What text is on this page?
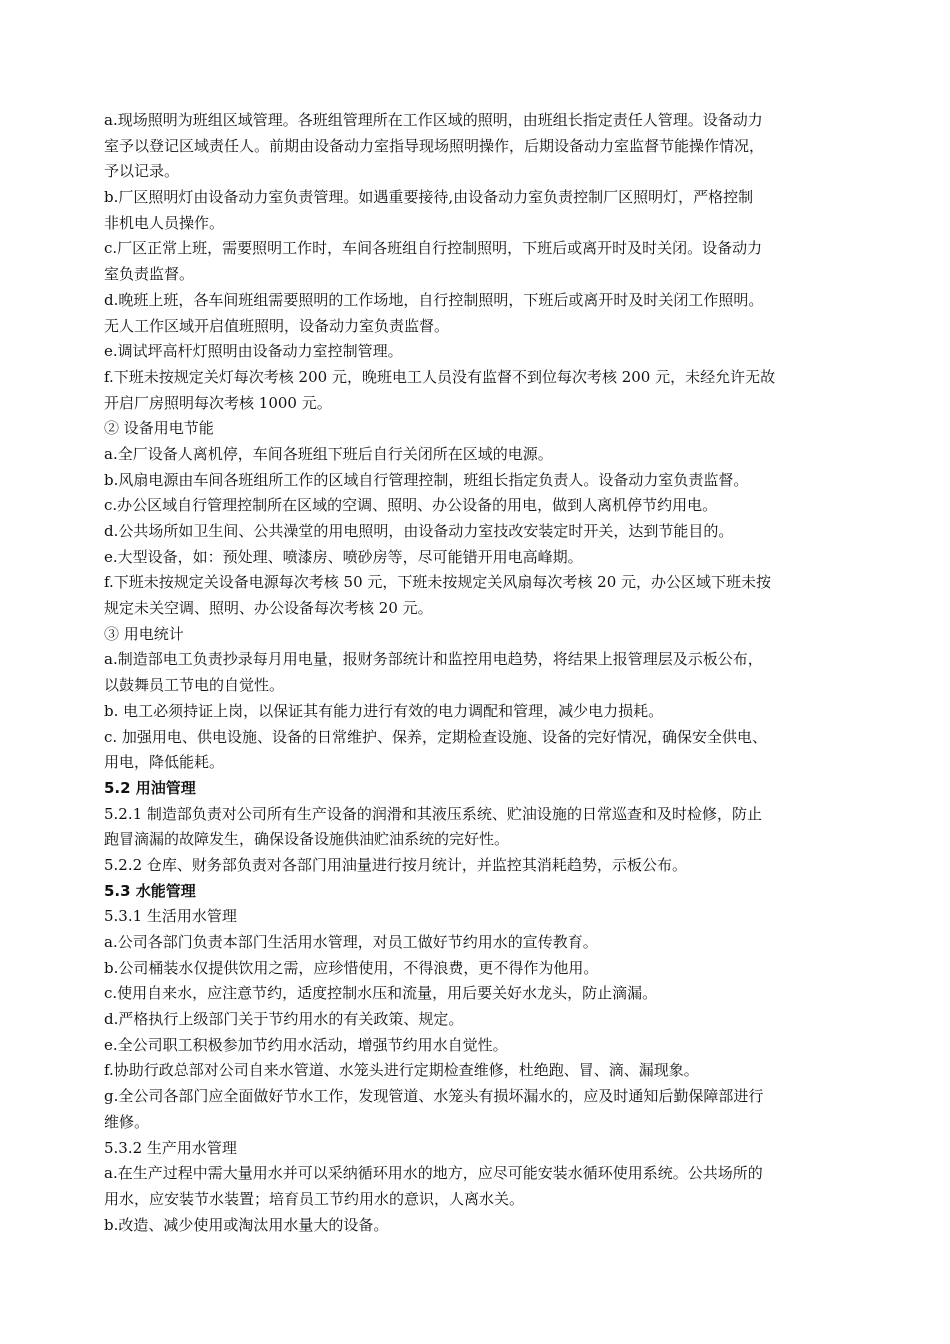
a.现场照明为班组区域管理。各班组管理所在工作区域的照明，由班组长指定责任人管理。设备动力
室予以登记区域责任人。前期由设备动力室指导现场照明操作，后期设备动力室监督节能操作情况，
予以记录。
b.厂区照明灯由设备动力室负责管理。如遇重要接待,由设备动力室负责控制厂区照明灯，严格控制
非机电人员操作。
c.厂区正常上班，需要照明工作时，车间各班组自行控制照明，下班后或离开时及时关闭。设备动力
室负责监督。
d.晚班上班，各车间班组需要照明的工作场地，自行控制照明，下班后或离开时及时关闭工作照明。
无人工作区域开启值班照明，设备动力室负责监督。
e.调试坪高杆灯照明由设备动力室控制管理。
f.下班未按规定关灯每次考核 200 元，晚班电工人员没有监督不到位每次考核 200 元，未经允许无故
开启厂房照明每次考核 1000 元。
② 设备用电节能
a.全厂设备人离机停，车间各班组下班后自行关闭所在区域的电源。
b.风扇电源由车间各班组所工作的区域自行管理控制，班组长指定负责人。设备动力室负责监督。
c.办公区域自行管理控制所在区域的空调、照明、办公设备的用电，做到人离机停节约用电。
d.公共场所如卫生间、公共澡堂的用电照明，由设备动力室技改安装定时开关，达到节能目的。
e.大型设备，如：预处理、喷漆房、喷砂房等，尽可能错开用电高峰期。
f.下班未按规定关设备电源每次考核 50 元，下班未按规定关风扇每次考核 20 元，办公区域下班未按
规定未关空调、照明、办公设备每次考核 20 元。
③ 用电统计
a.制造部电工负责抄录每月用电量，报财务部统计和监控用电趋势，将结果上报管理层及示板公布，
以鼓舞员工节电的自觉性。
b. 电工必须持证上岗，以保证其有能力进行有效的电力调配和管理，减少电力损耗。
c. 加强用电、供电设施、设备的日常维护、保养，定期检查设施、设备的完好情况，确保安全供电、
用电，降低能耗。
5.2 用油管理
5.2.1 制造部负责对公司所有生产设备的润滑和其液压系统、贮油设施的日常巡查和及时检修，防止
跑冒滴漏的故障发生，确保设备设施供油贮油系统的完好性。
5.2.2 仓库、财务部负责对各部门用油量进行按月统计，并监控其消耗趋势，示板公布。
5.3 水能管理
5.3.1 生活用水管理
a.公司各部门负责本部门生活用水管理，对员工做好节约用水的宣传教育。
b.公司桶装水仅提供饮用之需，应珍惜使用，不得浪费，更不得作为他用。
c.使用自来水，应注意节约，适度控制水压和流量，用后要关好水龙头，防止滴漏。
d.严格执行上级部门关于节约用水的有关政策、规定。
e.全公司职工积极参加节约用水活动，增强节约用水自觉性。
f.协助行政总部对公司自来水管道、水笼头进行定期检查维修，杜绝跑、冒、滴、漏现象。
g.全公司各部门应全面做好节水工作，发现管道、水笼头有损坏漏水的，应及时通知后勤保障部进行
维修。
5.3.2 生产用水管理
a.在生产过程中需大量用水并可以采纳循环用水的地方，应尽可能安装水循环使用系统。公共场所的
用水，应安装节水装置；培育员工节约用水的意识，人离水关。
b.改造、减少使用或淘汰用水量大的设备。
